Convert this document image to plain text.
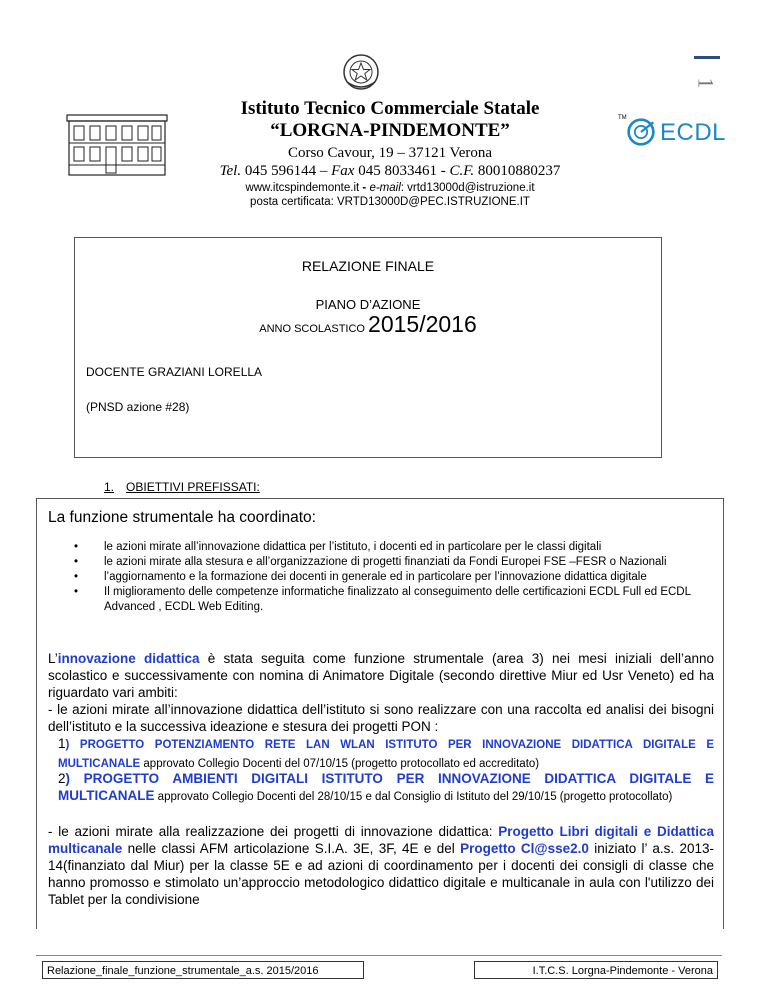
1
Istituto Tecnico Commerciale Statale
“LORGNA-PINDEMONTE”
Corso Cavour, 19 – 37121 Verona
Tel. 045 596144 – Fax 045 8033461 - C.F. 80010880237
www.itcspindemonte.it - e-mail: vrtd13000d@istruzione.it
posta certificata: VRTD13000D@PEC.ISTRUZIONE.IT
TM
ECDL
RELAZIONE FINALE
PIANO D’AZIONE
ANNO SCOLASTICO 2015/2016
DOCENTE GRAZIANI LORELLA
(PNSD azione #28)
1. OBIETTIVI PREFISSATI:
La funzione strumentale ha coordinato:
• le azioni mirate all’innovazione didattica per l’istituto, i docenti ed in particolare per le classi digitali
• le azioni mirate alla stesura e all’organizzazione di progetti finanziati da Fondi Europei FSE –FESR o Nazionali
• l’aggiornamento e la formazione dei docenti in generale ed in particolare per l’innovazione didattica digitale
• Il miglioramento delle competenze informatiche finalizzato al conseguimento delle certificazioni ECDL Full ed ECDL Advanced , ECDL Web Editing.
L’innovazione didattica è stata seguita come funzione strumentale (area 3) nei mesi iniziali dell’anno scolastico e successivamente con nomina di Animatore Digitale (secondo direttive Miur ed Usr Veneto) ed ha riguardato vari ambiti:
- le azioni mirate all’innovazione didattica dell’istituto si sono realizzare con una raccolta ed analisi dei bisogni dell’istituto e la successiva ideazione e stesura dei progetti PON :
1) PROGETTO POTENZIAMENTO RETE LAN WLAN ISTITUTO PER INNOVAZIONE DIDATTICA DIGITALE E MULTICANALE approvato Collegio Docenti del 07/10/15 (progetto protocollato ed accreditato)
2) PROGETTO AMBIENTI DIGITALI ISTITUTO PER INNOVAZIONE DIDATTICA DIGITALE E MULTICANALE approvato Collegio Docenti del 28/10/15 e dal Consiglio di Istituto del 29/10/15 (progetto protocollato)
- le azioni mirate alla realizzazione dei progetti di innovazione didattica: Progetto Libri digitali e Didattica multicanale nelle classi AFM articolazione S.I.A. 3E, 3F, 4E e del Progetto Cl@sse2.0 iniziato l’ a.s. 2013-14(finanziato dal Miur) per la classe 5E e ad azioni di coordinamento per i docenti dei consigli di classe che hanno promosso e stimolato un’approccio metodologico didattico digitale e multicanale in aula con l'utilizzo dei Tablet per la condivisione
Relazione_finale_funzione_strumentale_a.s. 2015/2016	I.T.C.S. Lorgna-Pindemonte - Verona
